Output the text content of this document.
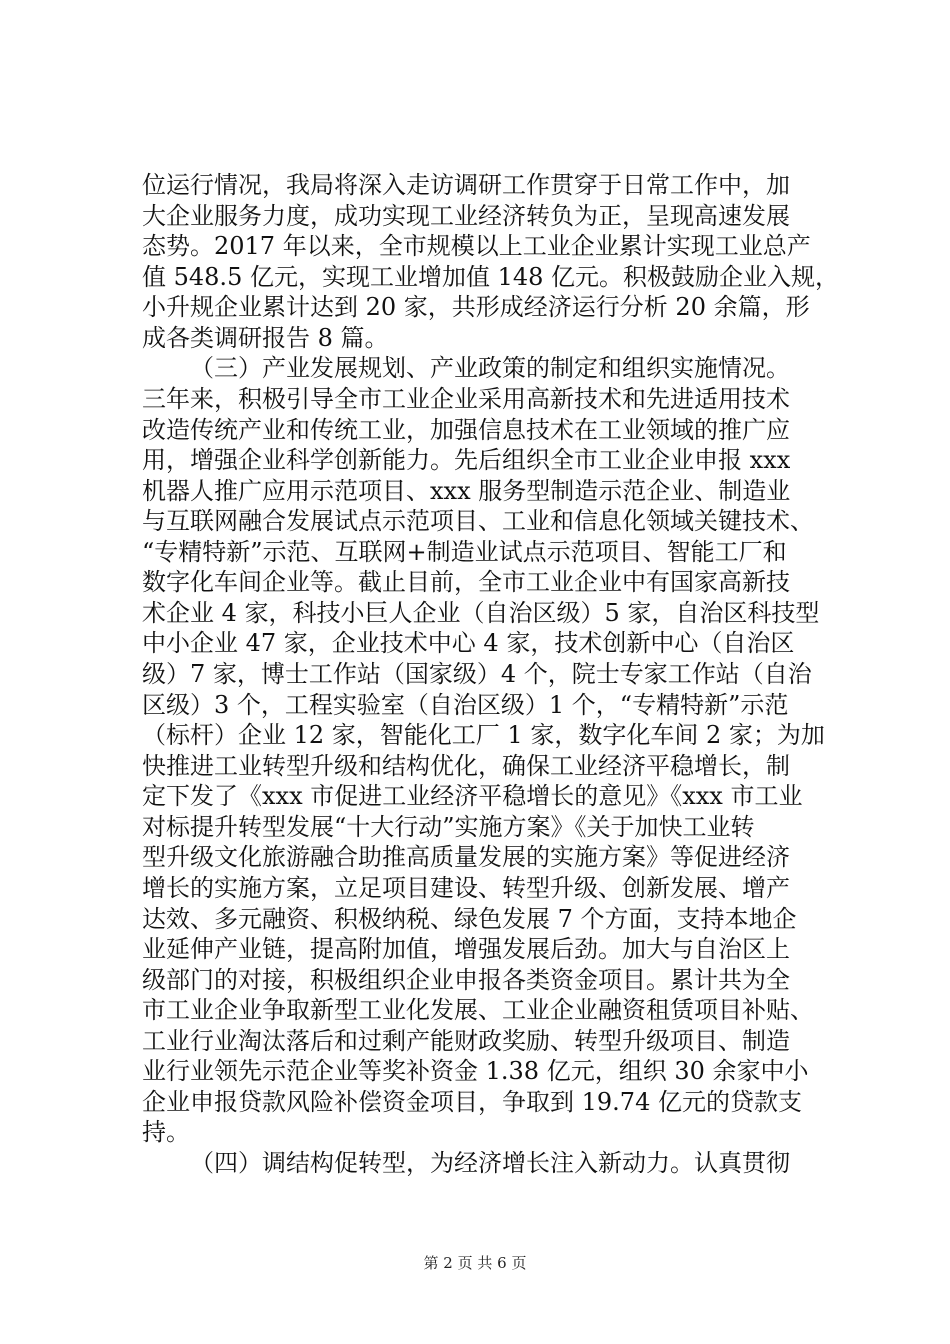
位运行情况，我局将深入走访调研工作贯穿于日常工作中，加
大企业服务力度，成功实现工业经济转负为正，呈现高速发展
态势。2017 年以来，全市规模以上工业企业累计实现工业总产
值 548.5 亿元，实现工业增加值 148 亿元。积极鼓励企业入规，
小升规企业累计达到 20 家，共形成经济运行分析 20 余篇，形
成各类调研报告 8 篇。
（三）产业发展规划、产业政策的制定和组织实施情况。
三年来，积极引导全市工业企业采用高新技术和先进适用技术
改造传统产业和传统工业，加强信息技术在工业领域的推广应
用，增强企业科学创新能力。先后组织全市工业企业申报 xxx
机器人推广应用示范项目、xxx 服务型制造示范企业、制造业
与互联网融合发展试点示范项目、工业和信息化领域关键技术、
“专精特新”示范、互联网+制造业试点示范项目、智能工厂和
数字化车间企业等。截止目前，全市工业企业中有国家高新技
术企业 4 家，科技小巨人企业（自治区级）5 家，自治区科技型
中小企业 47 家，企业技术中心 4 家，技术创新中心（自治区
级）7 家，博士工作站（国家级）4 个，院士专家工作站（自治
区级）3 个，工程实验室（自治区级）1 个，“专精特新”示范
（标杆）企业 12 家，智能化工厂 1 家，数字化车间 2 家；为加
快推进工业转型升级和结构优化，确保工业经济平稳增长，制
定下发了《xxx 市促进工业经济平稳增长的意见》《xxx 市工业
对标提升转型发展“十大行动”实施方案》《关于加快工业转
型升级文化旅游融合助推高质量发展的实施方案》等促进经济
增长的实施方案，立足项目建设、转型升级、创新发展、增产
达效、多元融资、积极纳税、绿色发展 7 个方面，支持本地企
业延伸产业链，提高附加值，增强发展后劲。加大与自治区上
级部门的对接，积极组织企业申报各类资金项目。累计共为全
市工业企业争取新型工业化发展、工业企业融资租赁项目补贴、
工业行业淘汰落后和过剩产能财政奖励、转型升级项目、制造
业行业领先示范企业等奖补资金 1.38 亿元，组织 30 余家中小
企业申报贷款风险补偿资金项目，争取到 19.74 亿元的贷款支
持。
（四）调结构促转型，为经济增长注入新动力。认真贯彻
第 2 页 共 6 页
